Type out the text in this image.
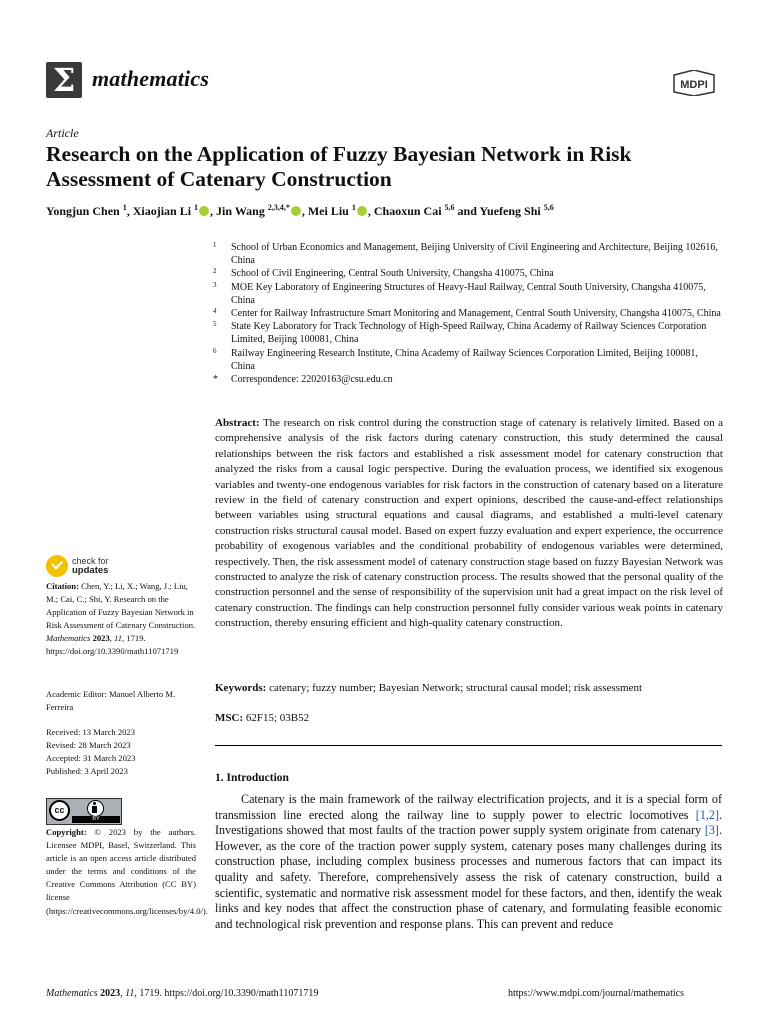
Σ mathematics	MDPI
Article
Research on the Application of Fuzzy Bayesian Network in Risk Assessment of Catenary Construction
Yongjun Chen $^1$, Xiaojian Li $^1$ , Jin Wang $^{2,3,4,*}$ , Mei Liu $^1$ , Chaoxun Cai $^{5,6}$ and Yuefeng Shi $^{5,6}$
1	School of Urban Economics and Management, Beijing University of Civil Engineering and Architecture, Beijing 102616, China
2	School of Civil Engineering, Central South University, Changsha 410075, China
3	MOE Key Laboratory of Engineering Structures of Heavy-Haul Railway, Central South University, Changsha 410075, China
4	Center for Railway Infrastructure Smart Monitoring and Management, Central South University, Changsha 410075, China
5	State Key Laboratory for Track Technology of High-Speed Railway, China Academy of Railway Sciences Corporation Limited, Beijing 100081, China
6	Railway Engineering Research Institute, China Academy of Railway Sciences Corporation Limited, Beijing 100081, China
*	Correspondence: 22020163@csu.edu.cn
Abstract: The research on risk control during the construction stage of catenary is relatively limited. Based on a comprehensive analysis of the risk factors during catenary construction, this study determined the causal relationships between the risk factors and established a risk assessment model for catenary construction that analyzed the risks from a causal logic perspective. During the evaluation process, we identified six exogenous variables and twenty-one endogenous variables for risk factors in the construction of catenary based on a literature review in the field of catenary construction and expert opinions, described the cause-and-effect relationships between variables using structural equations and causal diagrams, and established a multi-level catenary construction risks structural causal model. Based on expert fuzzy evaluation and expert experience, the occurrence probability of exogenous variables and the conditional probability of endogenous variables were determined, respectively. Then, the risk assessment model of catenary construction stage based on fuzzy Bayesian Network was constructed to analyze the risk of catenary construction process. The results showed that the personal quality of the construction personnel and the sense of responsibility of the supervision unit had a great impact on the risk level of catenary construction. The findings can help construction personnel fully consider various weak points in catenary construction, thereby ensuring efficient and high-quality catenary construction.
Keywords: catenary; fuzzy number; Bayesian Network; structural causal model; risk assessment
MSC: 62F15; 03B52
1. Introduction
Catenary is the main framework of the railway electrification projects, and it is a special form of transmission line erected along the railway line to supply power to electric locomotives [1,2]. Investigations showed that most faults of the traction power supply system originate from catenary [3]. However, as the core of the traction power supply system, catenary poses many challenges during its construction phase, including complex business processes and numerous factors that can impact its quality and safety. Therefore, comprehensively assess the risk of catenary construction, build a scientific, systematic and normative risk assessment model for these factors, and then, identify the weak links and key nodes that affect the construction phase of catenary, and formulating feasible economic and technological risk prevention and response plans. This can prevent and reduce
check for
updates
Citation: Chen, Y.; Li, X.; Wang, J.; Liu, M.; Cai, C.; Shi, Y. Research on the Application of Fuzzy Bayesian Network in Risk Assessment of Catenary Construction. Mathematics 2023, 11, 1719. https://doi.org/10.3390/math11071719
Academic Editor: Manuel Alberto M. Ferreira
Received: 13 March 2023
Revised: 28 March 2023
Accepted: 31 March 2023
Published: 3 April 2023
cc
BY
Copyright: © 2023 by the authors. Licensee MDPI, Basel, Switzerland. This article is an open access article distributed under the terms and conditions of the Creative Commons Attribution (CC BY) license (https://creativecommons.org/licenses/by/4.0/).
Mathematics 2023, 11, 1719. https://doi.org/10.3390/math11071719	https://www.mdpi.com/journal/mathematics
